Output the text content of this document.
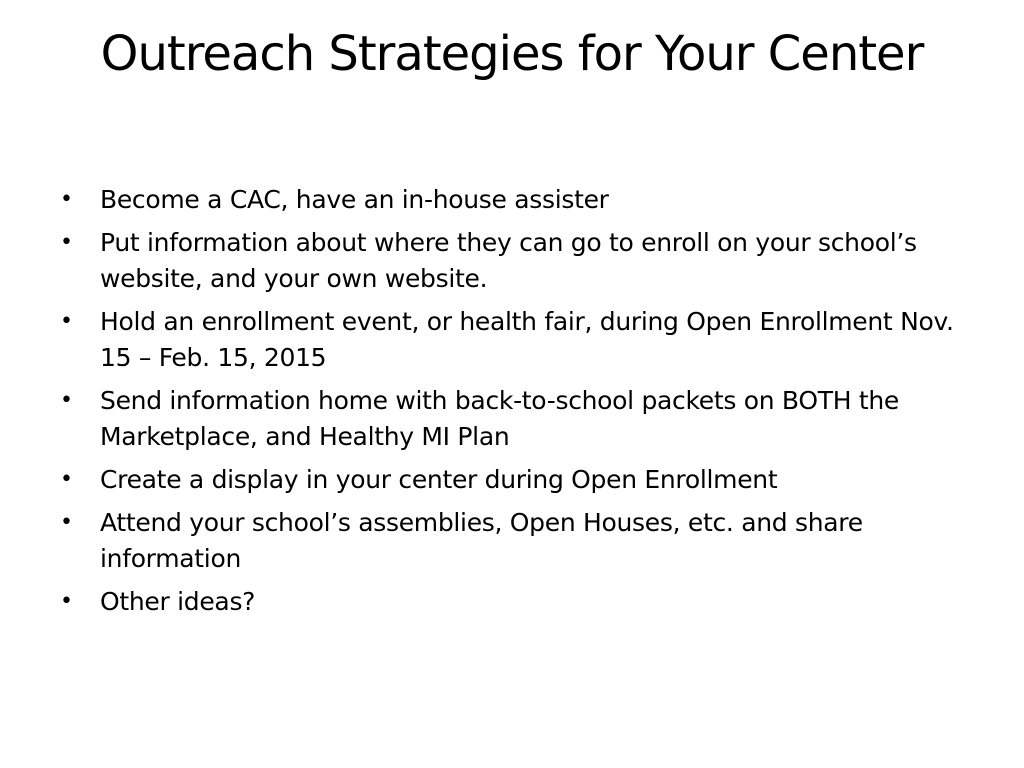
Outreach Strategies for Your Center
• Become a CAC, have an in-house assister
• Put information about where they can go to enroll on your school’s website, and your own website.
• Hold an enrollment event, or health fair, during Open Enrollment Nov. 15 – Feb. 15, 2015
• Send information home with back-to-school packets on BOTH the Marketplace, and Healthy MI Plan
• Create a display in your center during Open Enrollment
• Attend your school’s assemblies, Open Houses, etc. and share information
• Other ideas?
